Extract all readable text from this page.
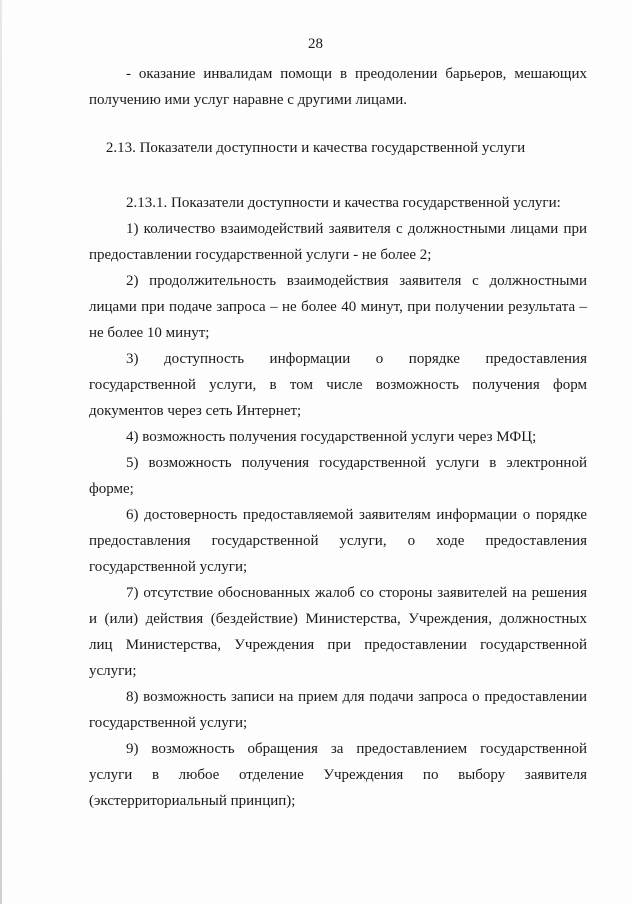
28
- оказание инвалидам помощи в преодолении барьеров, мешающих
получению ими услуг наравне с другими лицами.
2.13. Показатели доступности и качества государственной услуги
2.13.1. Показатели доступности и качества государственной услуги:
1) количество взаимодействий заявителя с должностными лицами при
предоставлении государственной услуги - не более 2;
2) продолжительность взаимодействия заявителя с должностными
лицами при подаче запроса – не более 40 минут, при получении результата –
не более 10 минут;
3) доступность информации о порядке предоставления
государственной услуги, в том числе возможность получения форм
документов через сеть Интернет;
4) возможность получения государственной услуги через МФЦ;
5) возможность получения государственной услуги в электронной
форме;
6) достоверность предоставляемой заявителям информации о порядке
предоставления государственной услуги, о ходе предоставления
государственной услуги;
7) отсутствие обоснованных жалоб со стороны заявителей на решения
и (или) действия (бездействие) Министерства, Учреждения, должностных
лиц Министерства, Учреждения при предоставлении государственной
услуги;
8) возможность записи на прием для подачи запроса о предоставлении
государственной услуги;
9) возможность обращения за предоставлением государственной
услуги в любое отделение Учреждения по выбору заявителя
(экстерриториальный принцип);
